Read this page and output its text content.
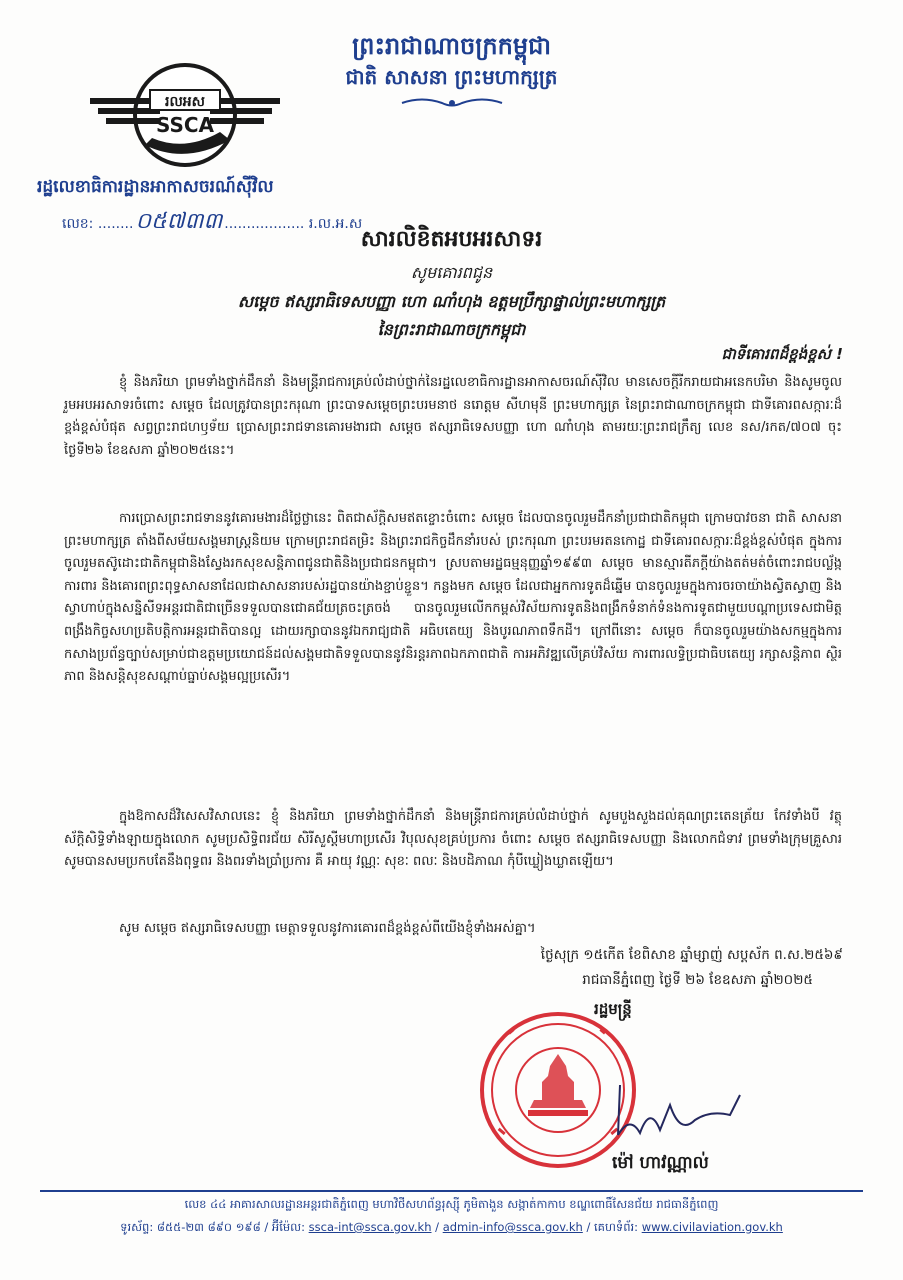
ព្រះរាជាណាចក្រកម្ពុជា
ជាតិ សាសនា ព្រះមហាក្សត្រ
រលអស
SSCA
រដ្ឋលេខាធិការដ្ឋានអាកាសចរណ៍ស៊ីវិល
លេខ: ........០៥៧៣៣ .................. រ.ល.អ.ស
សារលិខិតអបអរសាទរ
សូមគោរពជូន
សម្តេច ឥស្សរាធិទេសបញ្ញា ហោ ណាំហុង ឧត្តមប្រឹក្សាផ្ទាល់ព្រះមហាក្សត្រ
នៃព្រះរាជាណាចក្រកម្ពុជា
ជាទីគោរពដ៏ខ្ពង់ខ្ពស់ !

ខ្ញុំ និងភរិយា ព្រមទាំងថ្នាក់ដឹកនាំ និងមន្ត្រីរាជការគ្រប់លំដាប់ថ្នាក់នៃរដ្ឋលេខាធិការដ្ឋានអាកាសចរណ៍ស៊ីវិល មានសេចក្តីរីករាយជាអនេកបរិមា និងសូមចូលរួមអបអរសាទរចំពោះ សម្តេច ដែលត្រូវបានព្រះករុណា ព្រះបាទសម្តេចព្រះបរមនាថ នរោត្តម សីហមុនី ព្រះមហាក្សត្រ នៃព្រះរាជាណាចក្រកម្ពុជា ជាទីគោរពសក្ការៈដ៏ខ្ពង់ខ្ពស់បំផុត សព្វព្រះរាជហឫទ័យ ប្រោសព្រះរាជទានគោរមងារជា សម្តេច ឥស្សរាធិទេសបញ្ញា ហោ ណាំហុង តាមរយៈព្រះរាជក្រឹត្យ លេខ នស/រកត/៧០៧ ចុះថ្ងៃទី២៦ ខែឧសភា ឆ្នាំ២០២៥នេះ។

ការប្រោសព្រះរាជទាននូវគោរមងារដ៏ថ្លៃថ្លានេះ ពិតជាស័ក្តិសមឥតខ្ចោះចំពោះ សម្តេច ដែលបានចូលរួមដឹកនាំប្រជាជាតិកម្ពុជា ក្រោមបាវចនា ជាតិ សាសនា ព្រះមហាក្សត្រ តាំងពីសម័យសង្គមរាស្ត្រនិយម ក្រោមព្រះរាជតម្រិះ និងព្រះរាជកិច្ចដឹកនាំរបស់ ព្រះករុណា ព្រះបរមរតនកោដ្ឋ ជាទីគោរពសក្ការៈដ៏ខ្ពង់ខ្ពស់បំផុត ក្នុងការចូលរួមតស៊ូដោះជាតិកម្ពុជានិងស្វែងរកសុខសន្តិភាពជូនជាតិនិងប្រជាជនកម្ពុជា។ ស្របតាមរដ្ឋធម្មនុញ្ញឆ្នាំ១៩៩៣ សម្តេច មានស្មារតីភក្តីយ៉ាងតត់មត់ចំពោះរាជបល្ល័ង្ក ការពារ និងគោរពព្រះពុទ្ធសាសនាដែលជាសាសនារបស់រដ្ឋបានយ៉ាងខ្ជាប់ខ្ជួន។ កន្លងមក សម្តេច ដែលជាអ្នកការទូតដ៏ឆ្នើម បានចូលរួមក្នុងការចរចាយ៉ាងស្វិតស្វាញ និង ស្វាហាប់ក្នុងសន្និសីទអន្តរជាតិជាច្រើនទទួលបានជោគជ័យត្រចះត្រចង់ បានចូលរួមលើកកម្ពស់វិស័យការទូតនិងពង្រឹកទំនាក់ទំនងការទូតជាមួយបណ្តាប្រទេសជាមិត្ត ពង្រឹងកិច្ចសហប្រតិបត្តិការអន្តរជាតិបានល្អ ដោយរក្សាបាននូវឯករាជ្យជាតិ អធិបតេយ្យ និងបូរណភាពទឹកដី។ ក្រៅពីនោះ សម្តេច ក៏បានចូលរួមយ៉ាងសកម្មក្នុងការកសាងប្រព័ន្ធច្បាប់សម្រាប់ជាឧត្តមប្រយោជន៍ដល់សង្គមជាតិទទួលបាននូវនិរន្តរភាពឯកភាពជាតិ ការអភិវឌ្ឍលើគ្រប់វិស័យ ការពារលទ្ធិប្រជាធិបតេយ្យ រក្សាសន្តិភាព ស្ថិរភាព និងសន្តិសុខសណ្តាប់ធ្នាប់សង្គមល្អប្រសើរ។

ក្នុងឱកាសដ៏វិសេសវិសាលនេះ ខ្ញុំ និងភរិយា ព្រមទាំងថ្នាក់ដឹកនាំ និងមន្ត្រីរាជការគ្រប់លំដាប់ថ្នាក់ សូមបួងសួងដល់គុណព្រះតេនត្រ័យ កែវទាំងបី វត្ថុស័ក្តិសិទ្ធិទាំងឡាយក្នុងលោក សូមប្រសិទ្ធិពរជ័យ សិរីសួស្តីមហាប្រសើរ វិបុលសុខគ្រប់ប្រការ ចំពោះ សម្តេច ឥស្សរាធិទេសបញ្ញា និងលោកជំទាវ ព្រមទាំងក្រុមគ្រួសារ សូមបានសមប្រកបតែនឹងពុទ្ធពរ និងពរទាំងប្រាំប្រការ គឺ អាយុ វណ្ណៈ សុខៈ ពលៈ និងបដិភាណ កុំបីឃ្លៀងឃ្លាតឡើយ។

សូម សម្តេច ឥស្សរាធិទេសបញ្ញា មេត្តាទទួលនូវការគោរពដ៏ខ្ពង់ខ្ពស់ពីយើងខ្ញុំទាំងអស់គ្នា។

ថ្ងៃសុក្រ ១៥កើត ខែពិសាខ ឆ្នាំម្សាញ់ សប្តស័ក ព.ស.២៥៦៩
រាជធានីភ្នំពេញ ថ្ងៃទី ២៦ ខែឧសភា ឆ្នាំ២០២៥
រដ្ឋមន្ត្រី
ម៉ៅ ហាវណ្ណាល់
លេខ ៤៤ អាគារសាលរដ្ឋានអន្តរជាតិភ្នំពេញ មហាវិថីសហព័ន្ធរុស្ស៊ី ភូមិតាងួន សង្កាត់កាកាប ខណ្ឌពោធិ៍សែនជ័យ រាជធានីភ្នំពេញ
ទូរស័ព្ទ: ៨៥៥-២៣ ៨៩០ ១៩៨ / អ៊ីម៉ែល: ssca-int@ssca.gov.kh / admin-info@ssca.gov.kh / គេហទំព័រ: www.civilaviation.gov.kh
